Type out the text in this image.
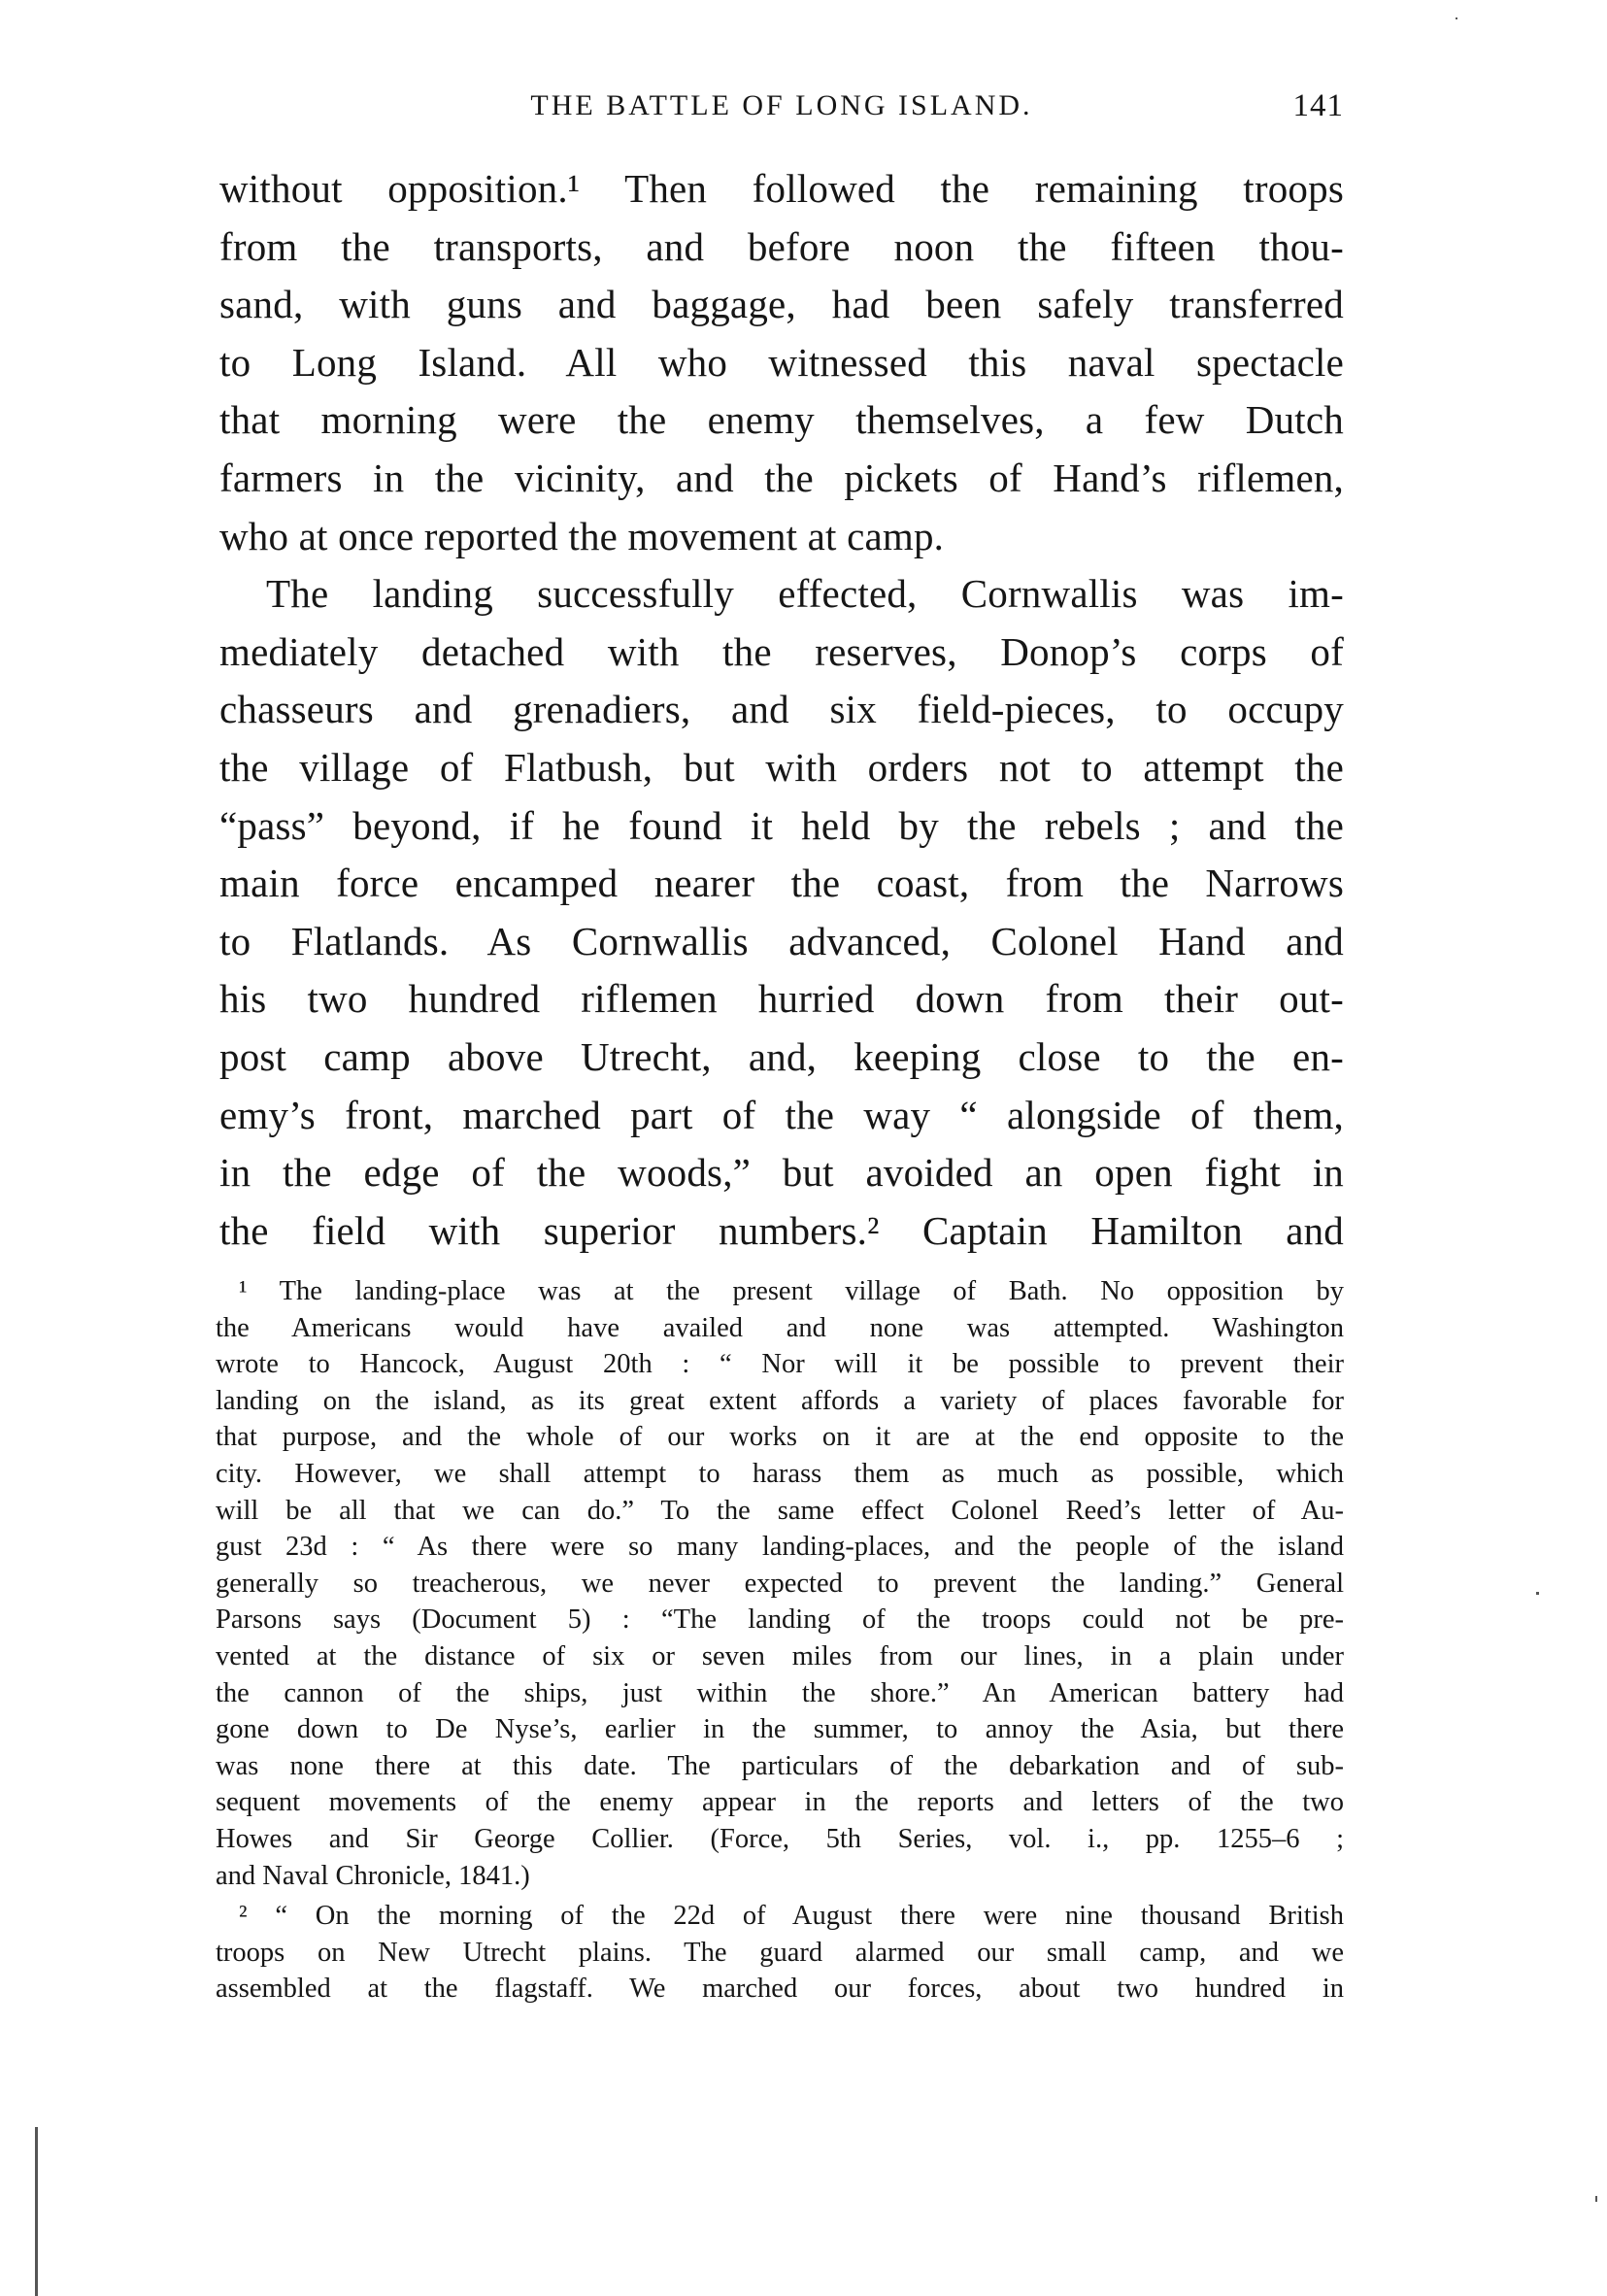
THE BATTLE OF LONG ISLAND.	141
without opposition.¹ Then followed the remaining troops
from the transports, and before noon the fifteen thou-
sand, with guns and baggage, had been safely transferred
to Long Island. All who witnessed this naval spectacle
that morning were the enemy themselves, a few Dutch
farmers in the vicinity, and the pickets of Hand’s riflemen,
who at once reported the movement at camp.
The landing successfully effected, Cornwallis was im-
mediately detached with the reserves, Donop’s corps of
chasseurs and grenadiers, and six field-pieces, to occupy
the village of Flatbush, but with orders not to attempt the
“pass” beyond, if he found it held by the rebels ; and the
main force encamped nearer the coast, from the Narrows
to Flatlands. As Cornwallis advanced, Colonel Hand and
his two hundred riflemen hurried down from their out-
post camp above Utrecht, and, keeping close to the en-
emy’s front, marched part of the way “ alongside of them,
in the edge of the woods,” but avoided an open fight in
the field with superior numbers.² Captain Hamilton and
¹ The landing-place was at the present village of Bath. No opposition by
the Americans would have availed and none was attempted. Washington
wrote to Hancock, August 20th : “ Nor will it be possible to prevent their
landing on the island, as its great extent affords a variety of places favorable for
that purpose, and the whole of our works on it are at the end opposite to the
city. However, we shall attempt to harass them as much as possible, which
will be all that we can do.” To the same effect Colonel Reed’s letter of Au-
gust 23d : “ As there were so many landing-places, and the people of the island
generally so treacherous, we never expected to prevent the landing.” General
Parsons says (Document 5) : “The landing of the troops could not be pre-
vented at the distance of six or seven miles from our lines, in a plain under
the cannon of the ships, just within the shore.” An American battery had
gone down to De Nyse’s, earlier in the summer, to annoy the Asia, but there
was none there at this date. The particulars of the debarkation and of sub-
sequent movements of the enemy appear in the reports and letters of the two
Howes and Sir George Collier. (Force, 5th Series, vol. i., pp. 1255–6 ;
and Naval Chronicle, 1841.)
² “ On the morning of the 22d of August there were nine thousand British
troops on New Utrecht plains. The guard alarmed our small camp, and we
assembled at the flagstaff. We marched our forces, about two hundred in
